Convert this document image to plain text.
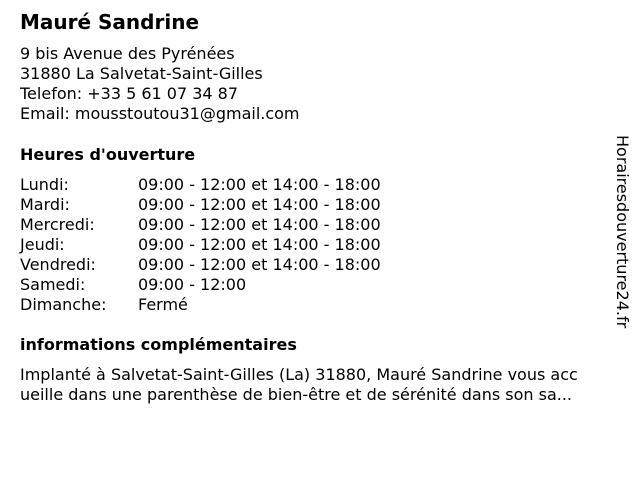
Mauré Sandrine
9 bis Avenue des Pyrénées
31880 La Salvetat-Saint-Gilles
Telefon: +33 5 61 07 34 87
Email: mousstoutou31@gmail.com
Heures d'ouverture
Lundi:	09:00 - 12:00 et 14:00 - 18:00
Mardi:	09:00 - 12:00 et 14:00 - 18:00
Mercredi:	09:00 - 12:00 et 14:00 - 18:00
Jeudi:	09:00 - 12:00 et 14:00 - 18:00
Vendredi:	09:00 - 12:00 et 14:00 - 18:00
Samedi:	09:00 - 12:00
Dimanche:	Fermé
informations complémentaires
Implanté à Salvetat-Saint-Gilles (La) 31880, Mauré Sandrine vous acc
ueille dans une parenthèse de bien-être et de sérénité dans son sa...
Horairesdouverture24.fr
